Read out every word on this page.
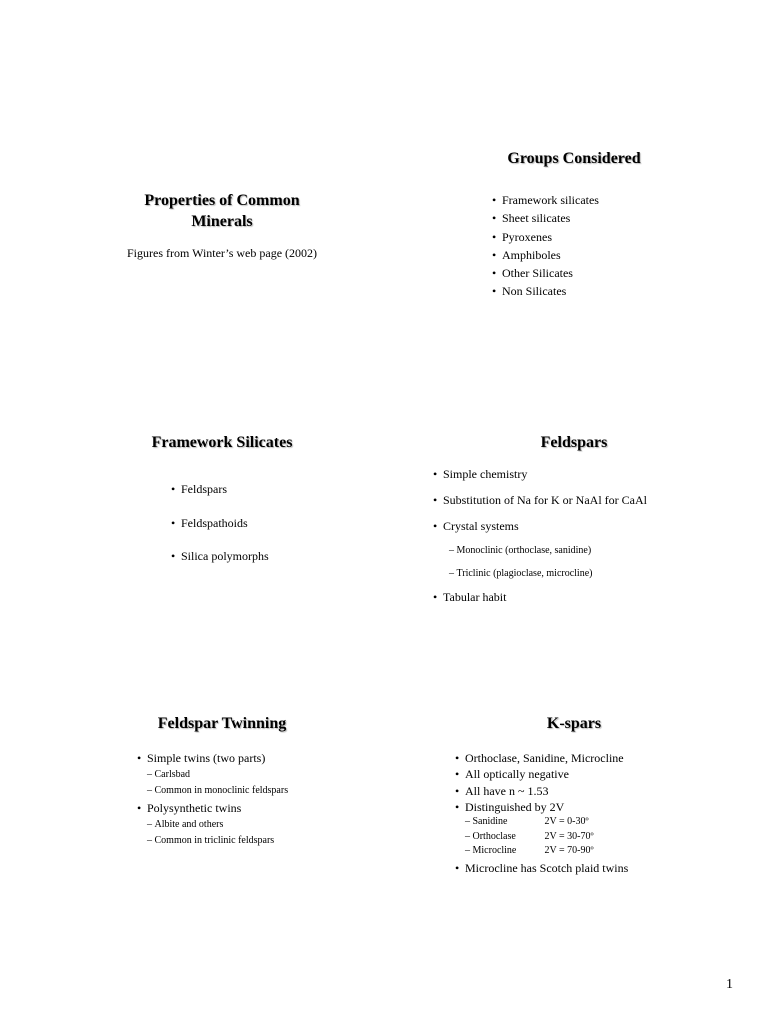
Properties of Common
Minerals
Figures from Winter’s web page (2002)
Groups Considered
• Framework silicates
• Sheet silicates
• Pyroxenes
• Amphiboles
• Other Silicates
• Non Silicates
Framework Silicates
• Feldspars
• Feldspathoids
• Silica polymorphs
Feldspars
• Simple chemistry
• Substitution of Na for K or NaAl for CaAl
• Crystal systems
– Monoclinic (orthoclase, sanidine)
– Triclinic (plagioclase, microcline)
• Tabular habit
Feldspar Twinning
• Simple twins (two parts)
– Carlsbad
– Common in monoclinic feldspars
• Polysynthetic twins
– Albite and others
– Common in triclinic feldspars
K-spars
• Orthoclase, Sanidine, Microcline
• All optically negative
• All have n ~ 1.53
• Distinguished by 2V
– Sanidine	2V = 0-30º
– Orthoclase	2V = 30-70º
– Microcline	2V = 70-90º
• Microcline has Scotch plaid twins
1
